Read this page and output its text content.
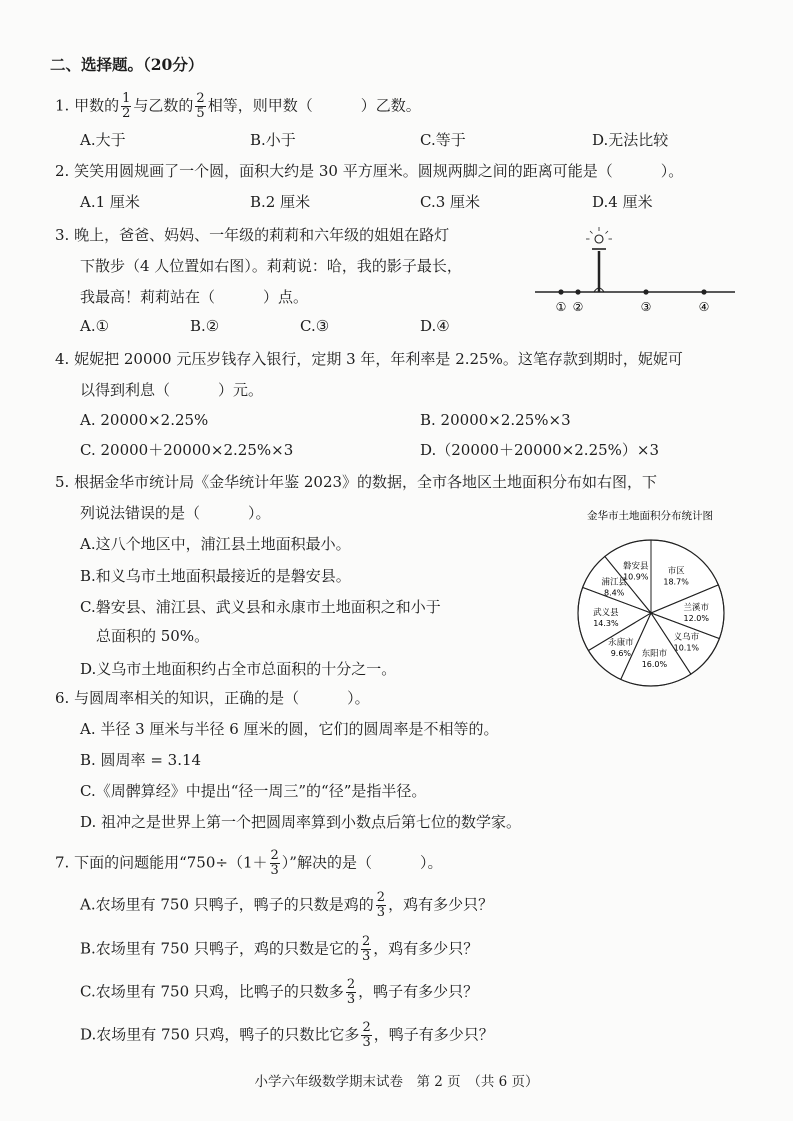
二、选择题。（20分）
1. 甲数的 $\frac{1}{2}$ 与乙数的 $\frac{2}{5}$ 相等，则甲数（	）乙数。
A.大于	B.小于	C.等于	D.无法比较
2. 笑笑用圆规画了一个圆，面积大约是 30 平方厘米。圆规两脚之间的距离可能是（	）。
A.1 厘米	B.2 厘米	C.3 厘米	D.4 厘米
3. 晚上，爸爸、妈妈、一年级的莉莉和六年级的姐姐在路灯
下散步（4 人位置如右图）。莉莉说：哈，我的影子最长，
我最高！莉莉站在（	）点。
A.①	B.②	C.③	D.④
① ②	③	④
4. 妮妮把 20000 元压岁钱存入银行，定期 3 年，年利率是 2.25%。这笔存款到期时，妮妮可
以得到利息（	）元。
A. 20000×2.25%	B. 20000×2.25%×3
C. 20000＋20000×2.25%×3	D.（20000＋20000×2.25%）×3
5. 根据金华市统计局《金华统计年鉴 2023》的数据，全市各地区土地面积分布如右图，下
列说法错误的是（	）。
A.这八个地区中，浦江县土地面积最小。
B.和义乌市土地面积最接近的是磐安县。
C.磐安县、浦江县、武义县和永康市土地面积之和小于
总面积的 50%。
D.义乌市土地面积约占全市总面积的十分之一。
金华市土地面积分布统计图
市区
18.7%
兰溪市
12.0%
义乌市
10.1%
东阳市
16.0%
永康市
9.6%
武义县
14.3%
浦江县
8.4%
磐安县
10.9%
6. 与圆周率相关的知识，正确的是（	）。
A. 半径 3 厘米与半径 6 厘米的圆，它们的圆周率是不相等的。
B. 圆周率 = 3.14
C.《周髀算经》中提出“径一周三”的“径”是指半径。
D. 祖冲之是世界上第一个把圆周率算到小数点后第七位的数学家。
7. 下面的问题能用“$750\div(1+ \frac{2}{3}$ ）”解决的是（	）。
A.农场里有 750 只鸭子，鸭子的只数是鸡的 $\frac{2}{3}$ ，鸡有多少只？
B.农场里有 750 只鸭子，鸡的只数是它的 $\frac{2}{3}$ ，鸡有多少只？
C.农场里有 750 只鸡，比鸭子的只数多 $\frac{2}{3}$ ，鸭子有多少只？
D.农场里有 750 只鸡，鸭子的只数比它多 $\frac{2}{3}$ ，鸭子有多少只？
小学六年级数学期末试卷　第 2 页　（共 6 页）
